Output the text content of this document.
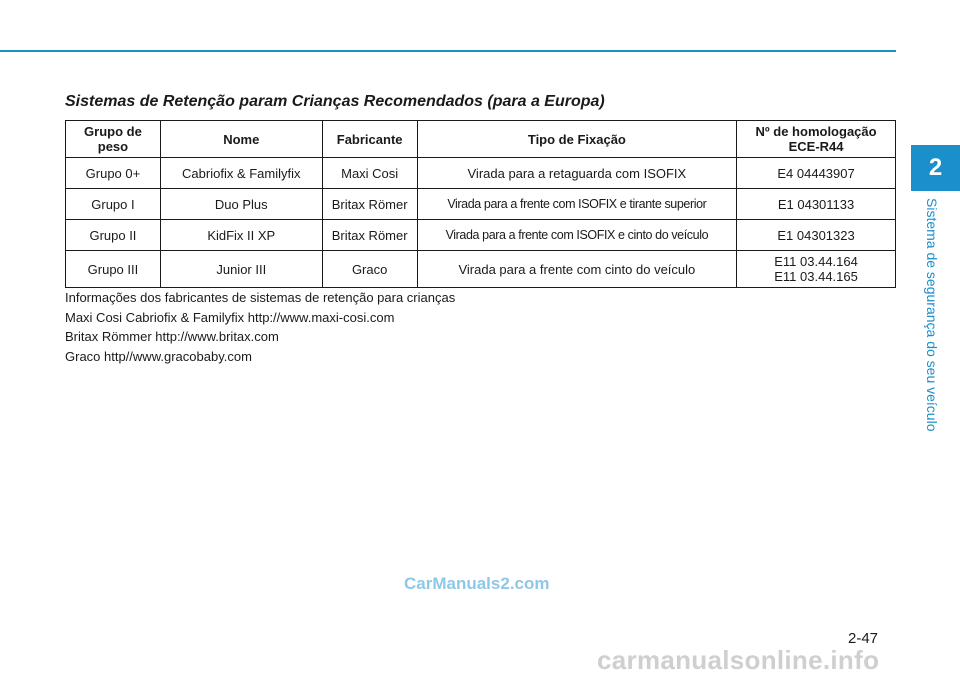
2
Sistema de segurança do seu veículo
Sistemas de Retenção param Crianças Recomendados (para a Europa)
Grupo de peso	Nome	Fabricante	Tipo de Fixação	Nº de homologação ECE-R44
Grupo 0+	Cabriofix & Familyfix	Maxi Cosi	Virada para a retaguarda com ISOFIX	E4 04443907
Grupo I	Duo Plus	Britax Römer	Virada para a frente com ISOFIX e tirante superior	E1 04301133
Grupo II	KidFix II XP	Britax Römer	Virada para a frente com ISOFIX e cinto do veículo	E1 04301323
Grupo III	Junior III	Graco	Virada para a frente com cinto do veículo	E11 03.44.164
E11 03.44.165
Informações dos fabricantes de sistemas de retenção para crianças
Maxi Cosi Cabriofix & Familyfix http://www.maxi-cosi.com
Britax Römmer http://www.britax.com
Graco http//www.gracobaby.com
CarManuals2.com
2-47
carmanualsonline.info
